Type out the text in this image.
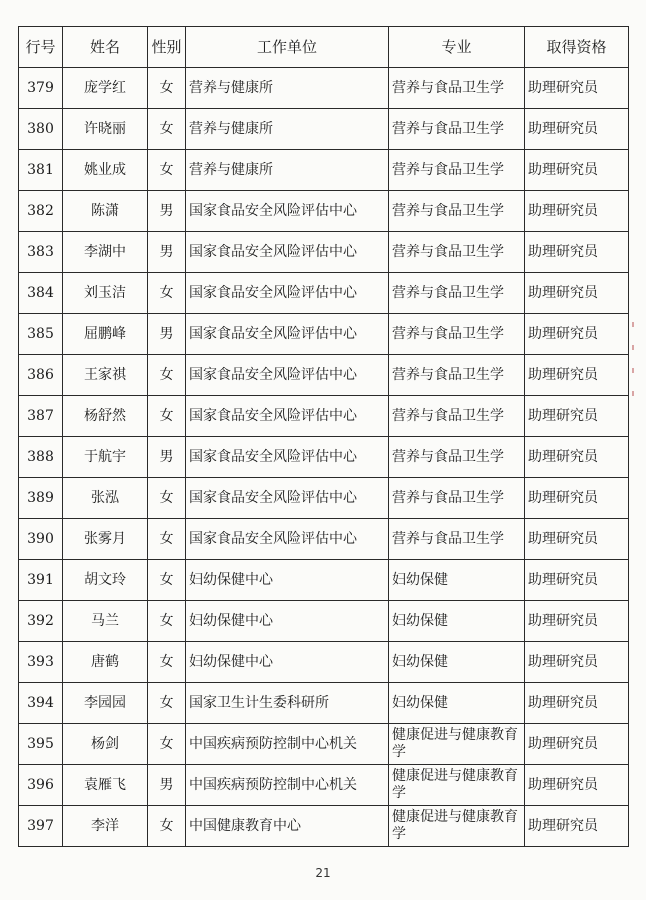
行号	姓名	性别	工作单位	专业	取得资格
379	庞学红	女	营养与健康所	营养与食品卫生学	助理研究员
380	许晓丽	女	营养与健康所	营养与食品卫生学	助理研究员
381	姚业成	女	营养与健康所	营养与食品卫生学	助理研究员
382	陈潇	男	国家食品安全风险评估中心	营养与食品卫生学	助理研究员
383	李湖中	男	国家食品安全风险评估中心	营养与食品卫生学	助理研究员
384	刘玉洁	女	国家食品安全风险评估中心	营养与食品卫生学	助理研究员
385	屈鹏峰	男	国家食品安全风险评估中心	营养与食品卫生学	助理研究员
386	王家祺	女	国家食品安全风险评估中心	营养与食品卫生学	助理研究员
387	杨舒然	女	国家食品安全风险评估中心	营养与食品卫生学	助理研究员
388	于航宇	男	国家食品安全风险评估中心	营养与食品卫生学	助理研究员
389	张泓	女	国家食品安全风险评估中心	营养与食品卫生学	助理研究员
390	张雾月	女	国家食品安全风险评估中心	营养与食品卫生学	助理研究员
391	胡文玲	女	妇幼保健中心	妇幼保健	助理研究员
392	马兰	女	妇幼保健中心	妇幼保健	助理研究员
393	唐鹤	女	妇幼保健中心	妇幼保健	助理研究员
394	李园园	女	国家卫生计生委科研所	妇幼保健	助理研究员
395	杨剑	女	中国疾病预防控制中心机关	健康促进与健康教育学	助理研究员
396	袁雁飞	男	中国疾病预防控制中心机关	健康促进与健康教育学	助理研究员
397	李洋	女	中国健康教育中心	健康促进与健康教育学	助理研究员
21
